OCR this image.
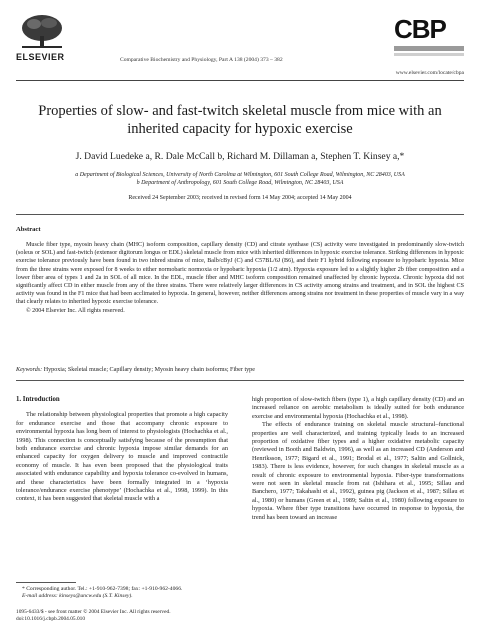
ELSEVIER	Comparative Biochemistry and Physiology, Part A 138 (2004) 373 – 382
CBP
www.elsevier.com/locate/cbpa
Properties of slow- and fast-twitch skeletal muscle from mice with an inherited capacity for hypoxic exercise
J. David Luedeke a, R. Dale McCall b, Richard M. Dillaman a, Stephen T. Kinsey a,*
a Department of Biological Sciences, University of North Carolina at Wilmington, 601 South College Road, Wilmington, NC 28403, USA
b Department of Anthropology, 601 South College Road, Wilmington, NC 28403, USA
Received 24 September 2003; received in revised form 14 May 2004; accepted 14 May 2004
Abstract

Muscle fiber type, myosin heavy chain (MHC) isoform composition, capillary density (CD) and citrate synthase (CS) activity were investigated in predominantly slow-twitch (soleus or SOL) and fast-twitch (extensor digitorum longus or EDL) skeletal muscle from mice with inherited differences in hypoxic exercise tolerance. Striking differences in hypoxic exercise tolerance previously have been found in two inbred strains of mice, Balb/cByJ (C) and C57BL/6J (B6), and their F1 hybrid following exposure to hypobaric hypoxia. Mice from the three strains were exposed for 8 weeks to either normobaric normoxia or hypobaric hypoxia (1/2 atm). Hypoxia exposure led to a slightly higher 2b fiber composition and a lower fiber area of types 1 and 2a in SOL of all mice. In the EDL, muscle fiber and MHC isoform composition remained unaffected by chronic hypoxia. Chronic hypoxia did not significantly affect CD in either muscle from any of the three strains. There were relatively larger differences in CS activity among strains and treatment, and in SOL the highest CS activity was found in the F1 mice that had been acclimated to hypoxia. In general, however, neither differences among strains nor treatment in these properties of muscle vary in a way that clearly relates to inherited hypoxic exercise tolerance.

© 2004 Elsevier Inc. All rights reserved.

Keywords: Hypoxia; Skeletal muscle; Capillary density; Myosin heavy chain isoforms; Fiber type
1. Introduction

The relationship between physiological properties that promote a high capacity for endurance exercise and those that accompany chronic exposure to environmental hypoxia has long been of interest to physiologists (Hochachka et al., 1998). This connection is conceptually satisfying because of the presumption that both endurance exercise and chronic hypoxia impose similar demands for an enhanced capacity for oxygen delivery to muscle and improved contractile economy of muscle. It has even been proposed that the physiological traits associated with endurance capability and hypoxia tolerance co-evolved in humans, and these characteristics have been formally integrated in a ‘hypoxia tolerance/endurance exercise phenotype’ (Hochachka et al., 1998, 1999). In this context, it has been suggested that skeletal muscle with a

high proportion of slow-twitch fibers (type 1), a high capillary density (CD) and an increased reliance on aerobic metabolism is ideally suited for both endurance exercise and environmental hypoxia (Hochachka et al., 1998).

The effects of endurance training on skeletal muscle structural–functional properties are well characterized, and training typically leads to an increased proportion of oxidative fiber types and a higher oxidative metabolic capacity (reviewed in Booth and Baldwin, 1996), as well as an increased CD (Anderson and Henriksson, 1977; Bigard et al., 1991; Brodal et al., 1977; Saltin and Gollnick, 1983). There is less evidence, however, for such changes in skeletal muscle as a result of chronic exposure to environmental hypoxia. Fiber-type transformations were not seen in skeletal muscle from rat (Ishihara et al., 1995; Sillau and Banchero, 1977; Takahashi et al., 1992), guinea pig (Jackson et al., 1987; Sillau et al., 1980) or humans (Green et al., 1989; Saltin et al., 1980) following exposure to hypoxia. Where fiber type transitions have occurred in response to hypoxia, the trend has been toward an increase

* Corresponding author. Tel.: +1-910-962-7398; fax: +1-910-962-4066.

E-mail address: kinseys@uncw.edu (S.T. Kinsey).

1095-6433/$ - see front matter © 2004 Elsevier Inc. All rights reserved.
doi:10.1016/j.cbpb.2004.05.010
